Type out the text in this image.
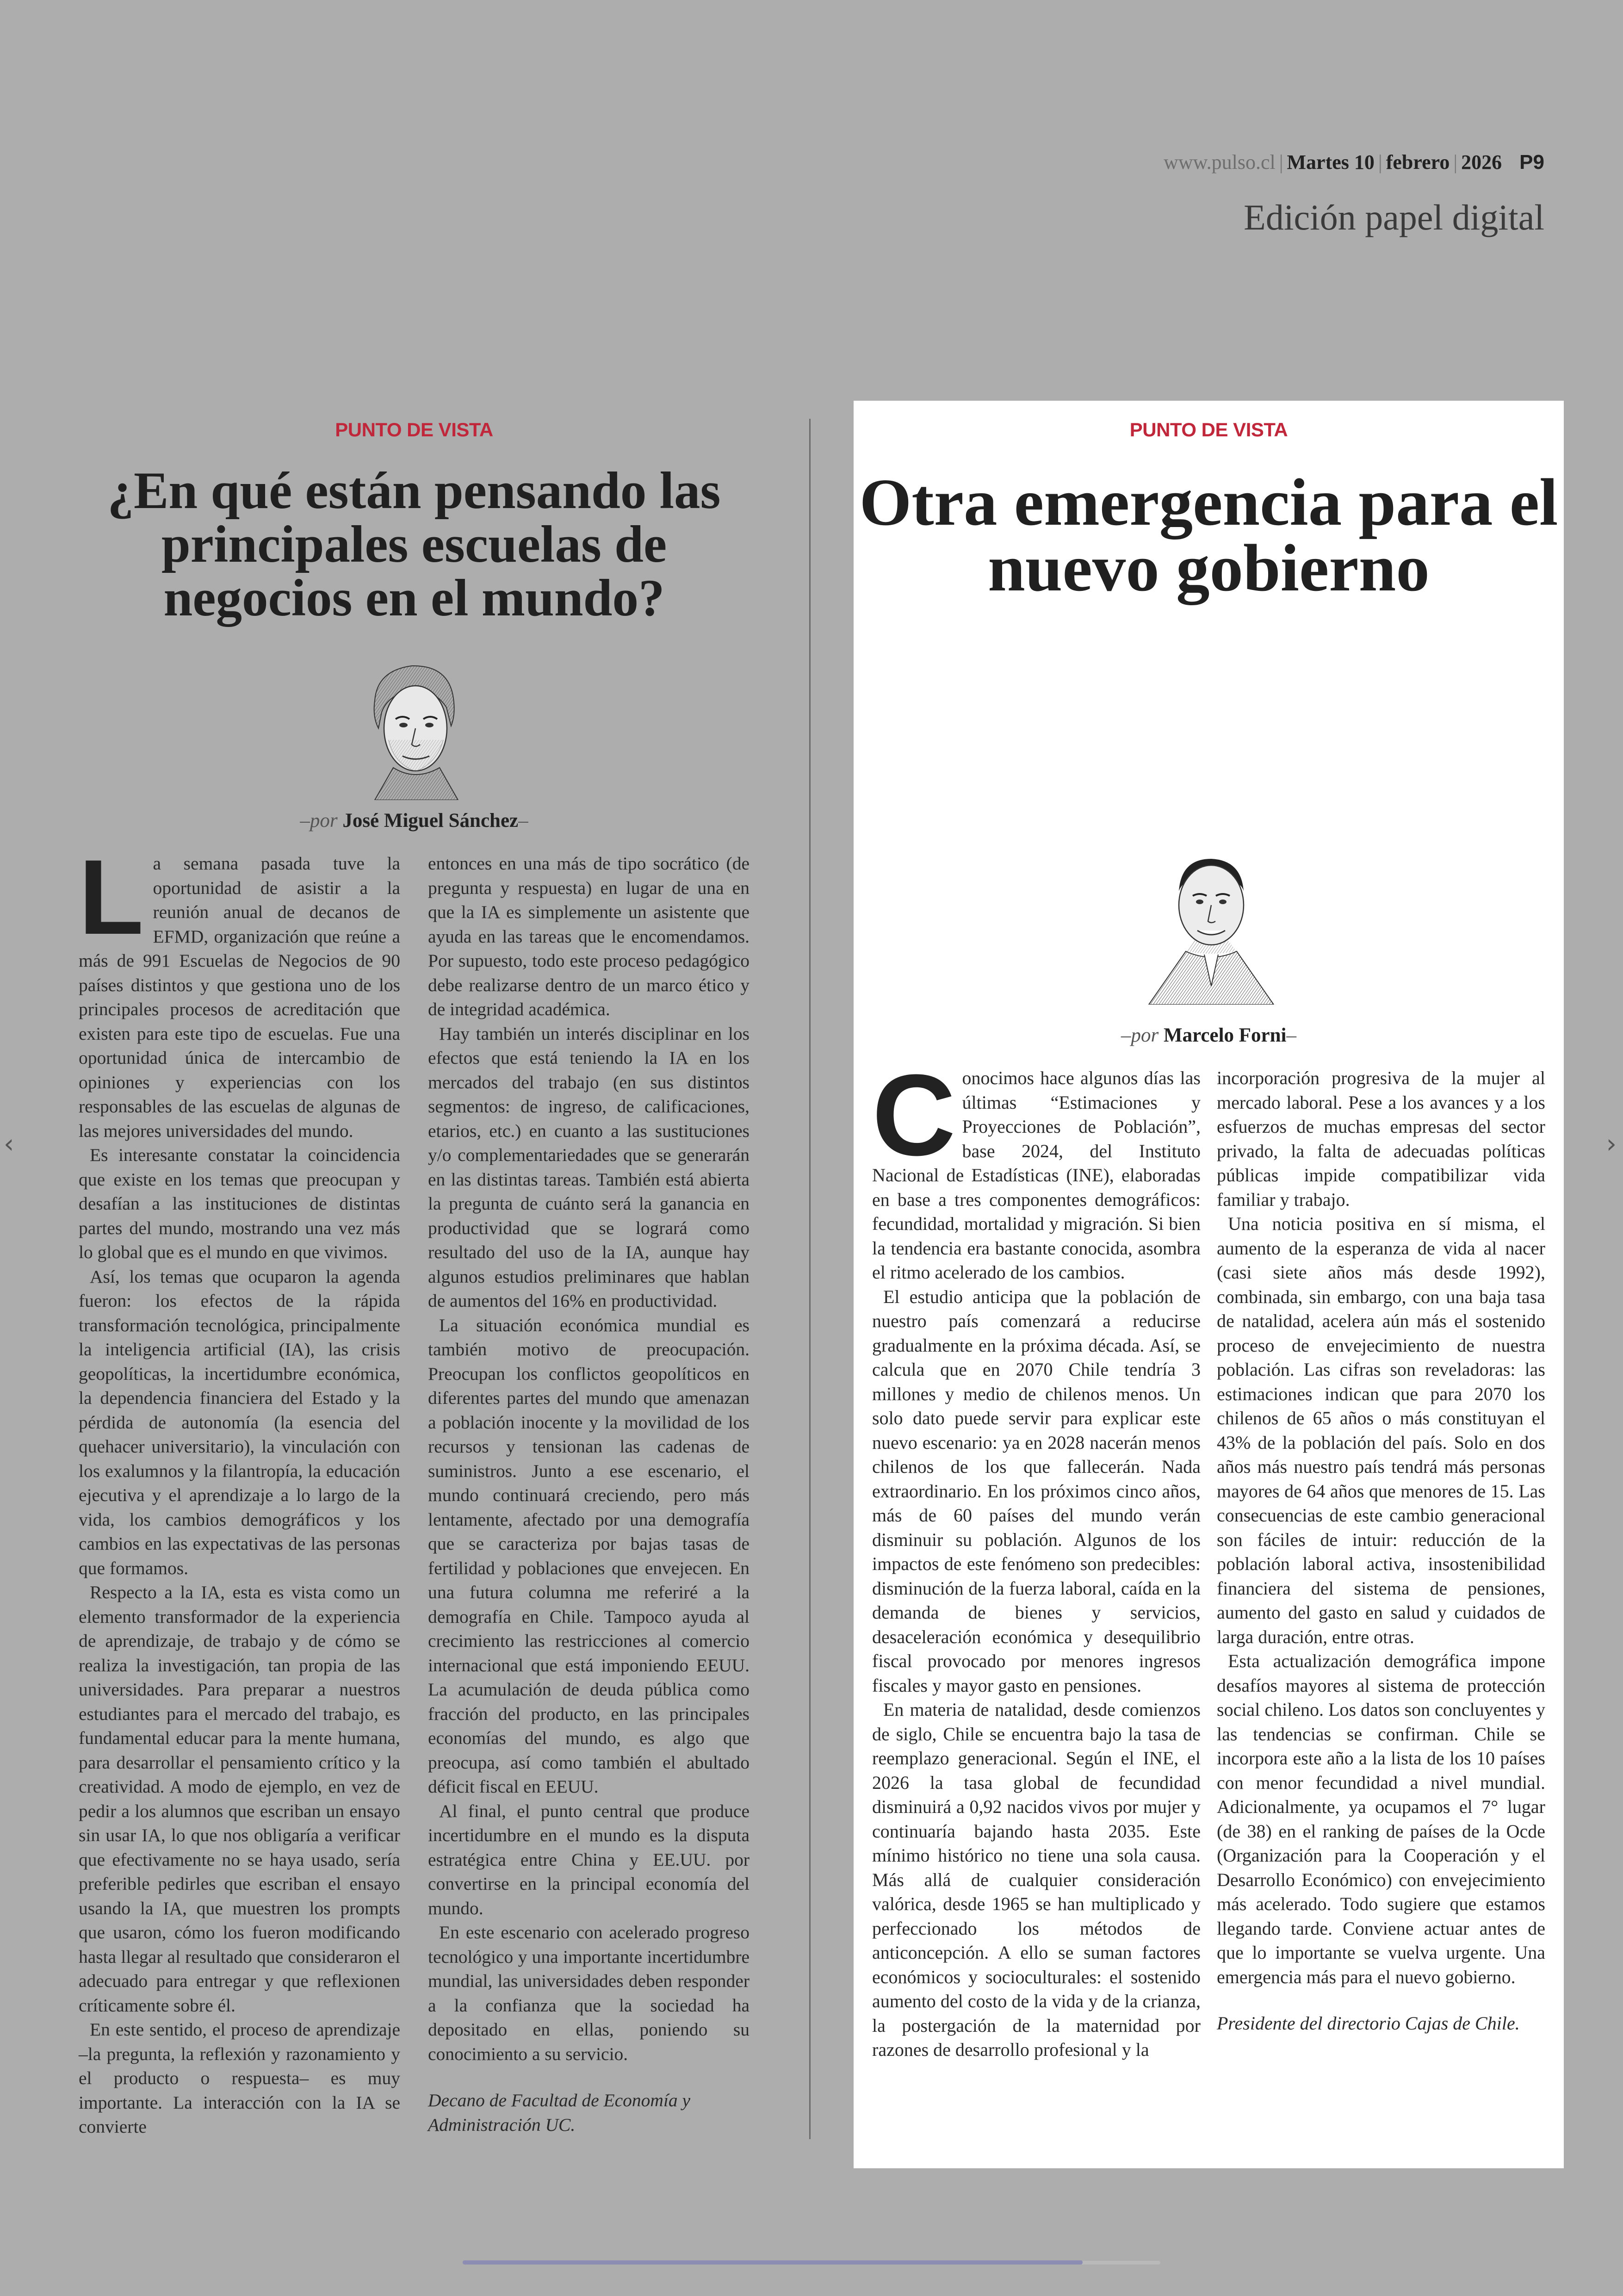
www.pulso.cl | Martes 10 | febrero | 2026 P9
Edición papel digital
‹	›
PUNTO DE VISTA
¿En qué están pensando las principales escuelas de negocios en el mundo?
–por José Miguel Sánchez–

La semana pasada tuve la oportunidad de asistir a la reunión anual de decanos de EFMD, organización que reúne a más de 991 Escuelas de Negocios de 90 países distintos y que gestiona uno de los principales procesos de acreditación que existen para este tipo de escuelas. Fue una oportunidad única de intercambio de opiniones y experiencias con los responsables de las escuelas de algunas de las mejores universidades del mundo.

Es interesante constatar la coincidencia que existe en los temas que preocupan y desafían a las instituciones de distintas partes del mundo, mostrando una vez más lo global que es el mundo en que vivimos.

Así, los temas que ocuparon la agenda fueron: los efectos de la rápida transformación tecnológica, principalmente la inteligencia artificial (IA), las crisis geopolíticas, la incertidumbre económica, la dependencia financiera del Estado y la pérdida de autonomía (la esencia del quehacer universitario), la vinculación con los exalumnos y la filantropía, la educación ejecutiva y el aprendizaje a lo largo de la vida, los cambios demográficos y los cambios en las expectativas de las personas que formamos.

Respecto a la IA, esta es vista como un elemento transformador de la experiencia de aprendizaje, de trabajo y de cómo se realiza la investigación, tan propia de las universidades. Para preparar a nuestros estudiantes para el mercado del trabajo, es fundamental educar para la mente humana, para desarrollar el pensamiento crítico y la creatividad. A modo de ejemplo, en vez de pedir a los alumnos que escriban un ensayo sin usar IA, lo que nos obligaría a verificar que efectivamente no se haya usado, sería preferible pedirles que escriban el ensayo usando la IA, que muestren los prompts que usaron, cómo los fueron modificando hasta llegar al resultado que consideraron el adecuado para entregar y que reflexionen críticamente sobre él.

En este sentido, el proceso de aprendizaje –la pregunta, la reflexión y razonamiento y el producto o respuesta– es muy importante. La interacción con la IA se convierte

entonces en una más de tipo socrático (de pregunta y respuesta) en lugar de una en que la IA es simplemente un asistente que ayuda en las tareas que le encomendamos. Por supuesto, todo este proceso pedagógico debe realizarse dentro de un marco ético y de integridad académica.

Hay también un interés disciplinar en los efectos que está teniendo la IA en los mercados del trabajo (en sus distintos segmentos: de ingreso, de calificaciones, etarios, etc.) en cuanto a las sustituciones y/o complementariedades que se generarán en las distintas tareas. También está abierta la pregunta de cuánto será la ganancia en productividad que se logrará como resultado del uso de la IA, aunque hay algunos estudios preliminares que hablan de aumentos del 16% en productividad.

La situación económica mundial es también motivo de preocupación. Preocupan los conflictos geopolíticos en diferentes partes del mundo que amenazan a población inocente y la movilidad de los recursos y tensionan las cadenas de suministros. Junto a ese escenario, el mundo continuará creciendo, pero más lentamente, afectado por una demografía que se caracteriza por bajas tasas de fertilidad y poblaciones que envejecen. En una futura columna me referiré a la demografía en Chile. Tampoco ayuda al crecimiento las restricciones al comercio internacional que está imponiendo EEUU. La acumulación de deuda pública como fracción del producto, en las principales economías del mundo, es algo que preocupa, así como también el abultado déficit fiscal en EEUU.

Al final, el punto central que produce incertidumbre en el mundo es la disputa estratégica entre China y EE.UU. por convertirse en la principal economía del mundo.

En este escenario con acelerado progreso tecnológico y una importante incertidumbre mundial, las universidades deben responder a la confianza que la sociedad ha depositado en ellas, poniendo su conocimiento a su servicio.

Decano de Facultad de Economía y Administración UC.

PUNTO DE VISTA
Otra emergencia para el nuevo gobierno
–por Marcelo Forni–

Conocimos hace algunos días las últimas “Estimaciones y Proyecciones de Población”, base 2024, del Instituto Nacional de Estadísticas (INE), elaboradas en base a tres componentes demográficos: fecundidad, mortalidad y migración. Si bien la tendencia era bastante conocida, asombra el ritmo acelerado de los cambios.

El estudio anticipa que la población de nuestro país comenzará a reducirse gradualmente en la próxima década. Así, se calcula que en 2070 Chile tendría 3 millones y medio de chilenos menos. Un solo dato puede servir para explicar este nuevo escenario: ya en 2028 nacerán menos chilenos de los que fallecerán. Nada extraordinario. En los próximos cinco años, más de 60 países del mundo verán disminuir su población. Algunos de los impactos de este fenómeno son predecibles: disminución de la fuerza laboral, caída en la demanda de bienes y servicios, desaceleración económica y desequilibrio fiscal provocado por menores ingresos fiscales y mayor gasto en pensiones.

En materia de natalidad, desde comienzos de siglo, Chile se encuentra bajo la tasa de reemplazo generacional. Según el INE, el 2026 la tasa global de fecundidad disminuirá a 0,92 nacidos vivos por mujer y continuaría bajando hasta 2035. Este mínimo histórico no tiene una sola causa. Más allá de cualquier consideración valórica, desde 1965 se han multiplicado y perfeccionado los métodos de anticoncepción. A ello se suman factores económicos y socioculturales: el sostenido aumento del costo de la vida y de la crianza, la postergación de la maternidad por razones de desarrollo profesional y la

incorporación progresiva de la mujer al mercado laboral. Pese a los avances y a los esfuerzos de muchas empresas del sector privado, la falta de adecuadas políticas públicas impide compatibilizar vida familiar y trabajo.

Una noticia positiva en sí misma, el aumento de la esperanza de vida al nacer (casi siete años más desde 1992), combinada, sin embargo, con una baja tasa de natalidad, acelera aún más el sostenido proceso de envejecimiento de nuestra población. Las cifras son reveladoras: las estimaciones indican que para 2070 los chilenos de 65 años o más constituyan el 43% de la población del país. Solo en dos años más nuestro país tendrá más personas mayores de 64 años que menores de 15. Las consecuencias de este cambio generacional son fáciles de intuir: reducción de la población laboral activa, insostenibilidad financiera del sistema de pensiones, aumento del gasto en salud y cuidados de larga duración, entre otras.

Esta actualización demográfica impone desafíos mayores al sistema de protección social chileno. Los datos son concluyentes y las tendencias se confirman. Chile se incorpora este año a la lista de los 10 países con menor fecundidad a nivel mundial. Adicionalmente, ya ocupamos el 7° lugar (de 38) en el ranking de países de la Ocde (Organización para la Cooperación y el Desarrollo Económico) con envejecimiento más acelerado. Todo sugiere que estamos llegando tarde. Conviene actuar antes de que lo importante se vuelva urgente. Una emergencia más para el nuevo gobierno.

Presidente del directorio Cajas de Chile.
